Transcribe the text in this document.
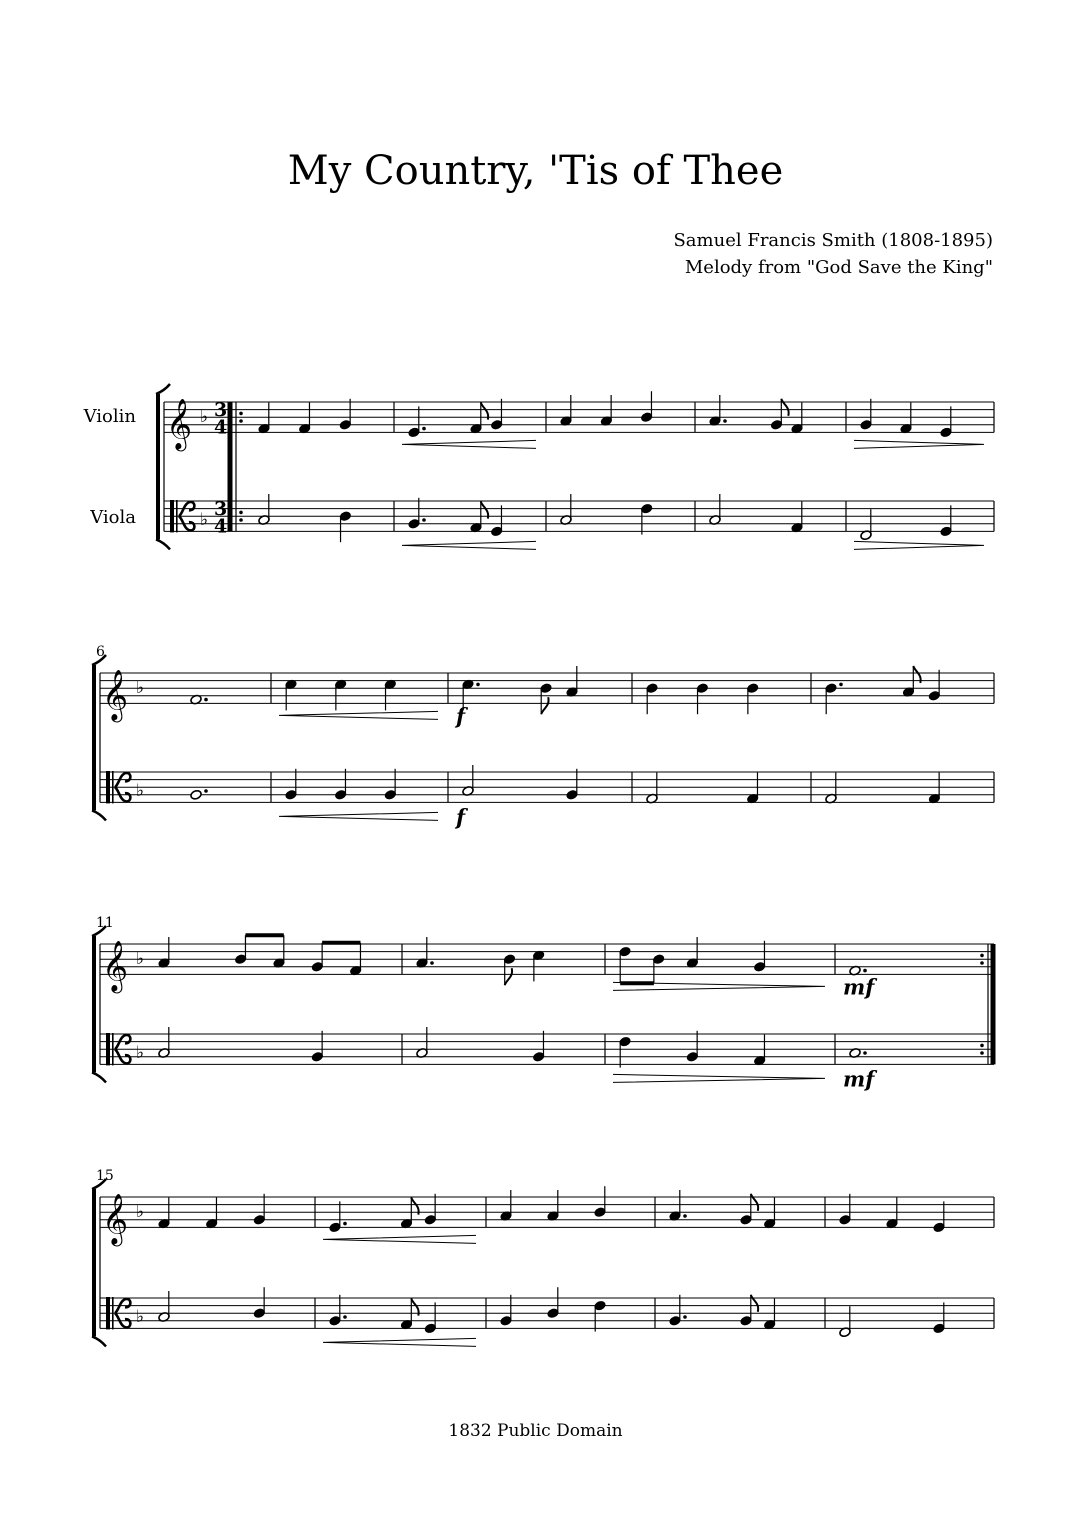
My Country, 'Tis of Thee
Samuel Francis Smith (1808-1895)
Melody from "God Save the King"
Violin
Viola
𝄞 ♭
♭
3
4
3
4
6
𝄞 ♭
♭
f
f
11
𝄞 ♭
♭
mf
mf
15
𝄞 ♭
♭
1832 Public Domain
